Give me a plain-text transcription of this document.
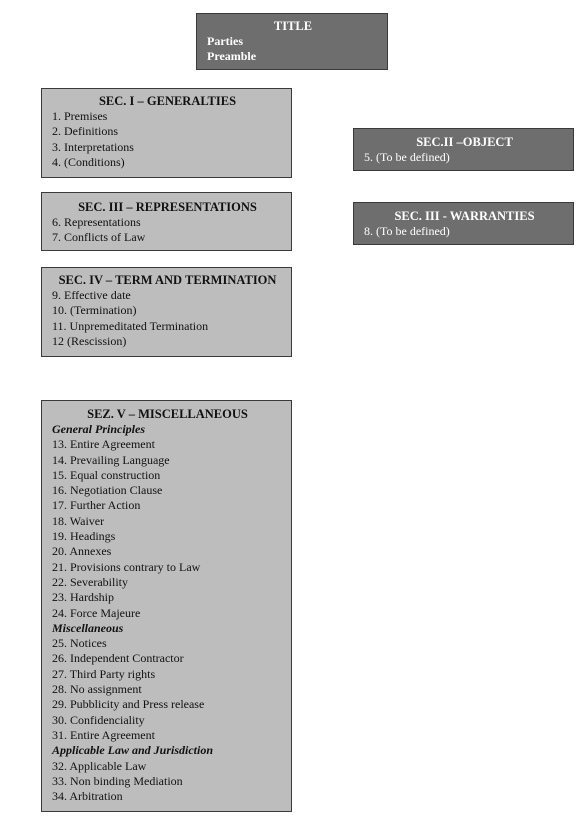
TITLE
Parties
Preamble
SEC. I – GENERALTIES
1. Premises
2. Definitions
3. Interpretations
4. (Conditions)
SEC. III – REPRESENTATIONS
6. Representations
7. Conflicts of Law
SEC. IV – TERM AND TERMINATION
9. Effective date
10. (Termination)
11. Unpremeditated Termination
12 (Rescission)
SEZ. V – MISCELLANEOUS
General Principles
13. Entire Agreement
14. Prevailing Language
15. Equal construction
16. Negotiation Clause
17. Further Action
18. Waiver
19. Headings
20. Annexes
21. Provisions contrary to Law
22. Severability
23. Hardship
24. Force Majeure
Miscellaneous
25. Notices
26. Independent Contractor
27. Third Party rights
28. No assignment
29. Pubblicity and Press release
30. Confidenciality
31. Entire Agreement
Applicable Law and Jurisdiction
32. Applicable Law
33. Non binding Mediation
34. Arbitration
SEC.II –OBJECT
5. (To be defined)
SEC. III - WARRANTIES
8. (To be defined)
